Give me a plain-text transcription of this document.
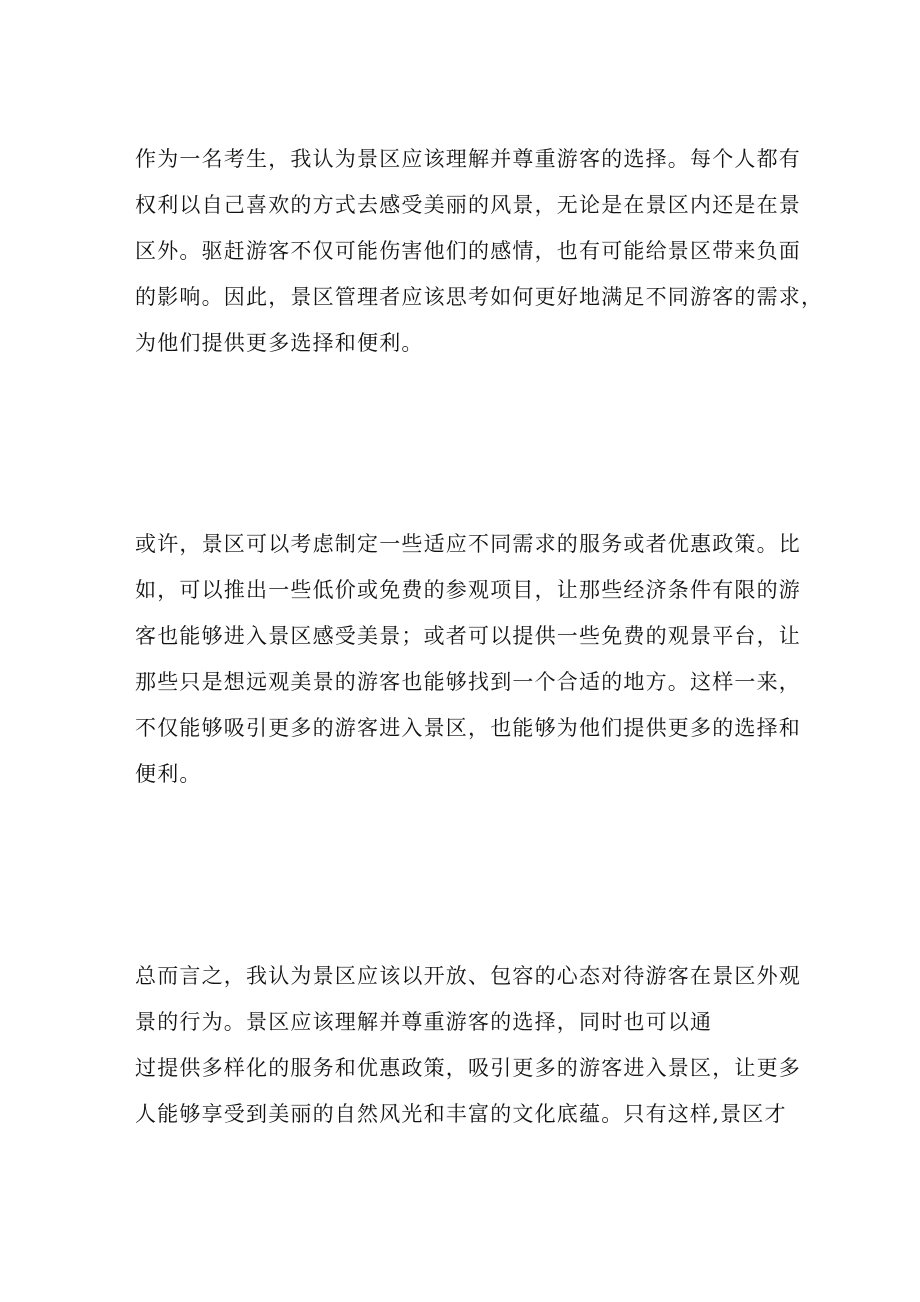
作为一名考生，我认为景区应该理解并尊重游客的选择。每个人都有
权利以自己喜欢的方式去感受美丽的风景，无论是在景区内还是在景
区外。驱赶游客不仅可能伤害他们的感情，也有可能给景区带来负面
的影响。因此，景区管理者应该思考如何更好地满足不同游客的需求，
为他们提供更多选择和便利。
或许，景区可以考虑制定一些适应不同需求的服务或者优惠政策。比
如，可以推出一些低价或免费的参观项目，让那些经济条件有限的游
客也能够进入景区感受美景；或者可以提供一些免费的观景平台，让
那些只是想远观美景的游客也能够找到一个合适的地方。这样一来，
不仅能够吸引更多的游客进入景区，也能够为他们提供更多的选择和
便利。
总而言之，我认为景区应该以开放、包容的心态对待游客在景区外观
景的行为。景区应该理解并尊重游客的选择，同时也可以通
过提供多样化的服务和优惠政策，吸引更多的游客进入景区，让更多
人能够享受到美丽的自然风光和丰富的文化底蕴。只有这样,景区才
